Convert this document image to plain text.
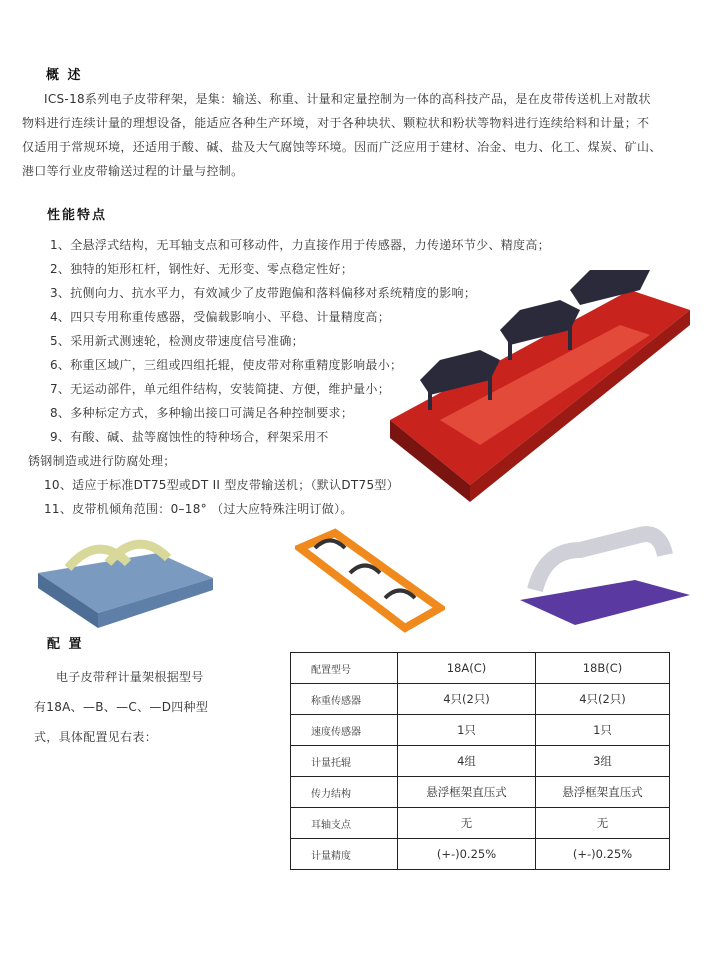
概 述
ICS-18系列电子皮带秤架，是集：输送、称重、计量和定量控制为一体的高科技产品，是在皮带传送机上对散状
物料进行连续计量的理想设备，能适应各种生产环境，对于各种块状、颗粒状和粉状等物料进行连续给料和计量；不
仅适用于常规环境，还适用于酸、碱、盐及大气腐蚀等环境。因而广泛应用于建材、冶金、电力、化工、煤炭、矿山、
港口等行业皮带输送过程的计量与控制。
性能特点
1、全悬浮式结构，无耳轴支点和可移动件，力直接作用于传感器，力传递环节少、精度高；
2、独特的矩形杠杆，钢性好、无形变、零点稳定性好；
3、抗侧向力、抗水平力，有效减少了皮带跑偏和落料偏移对系统精度的影响；
4、四只专用称重传感器，受偏载影响小、平稳、计量精度高；
5、采用新式测速轮，检测皮带速度信号准确；
6、称重区域广，三组或四组托辊，使皮带对称重精度影响最小；
7、无运动部件，单元组件结构，安装简捷、方便，维护量小；
8、多种标定方式，多种输出接口可满足各种控制要求；
9、有酸、碱、盐等腐蚀性的特种场合，秤架采用不
锈钢制造或进行防腐处理；
10、适应于标准DT75型或DT II 型皮带输送机；（默认DT75型）
11、皮带机倾角范围：0–18° （过大应特殊注明订做）。
配 置
电子皮带秤计量架根据型号
有18A、—B、—C、—D四种型
式，具体配置见右表：
配置型号	18A(C)	18B(C)
称重传感器	4只(2只)	4只(2只)
速度传感器	1只	1只
计量托辊	4组	3组
传力结构	悬浮框架直压式	悬浮框架直压式
耳轴支点	无	无
计量精度	(+-)0.25%	(+-)0.25%
